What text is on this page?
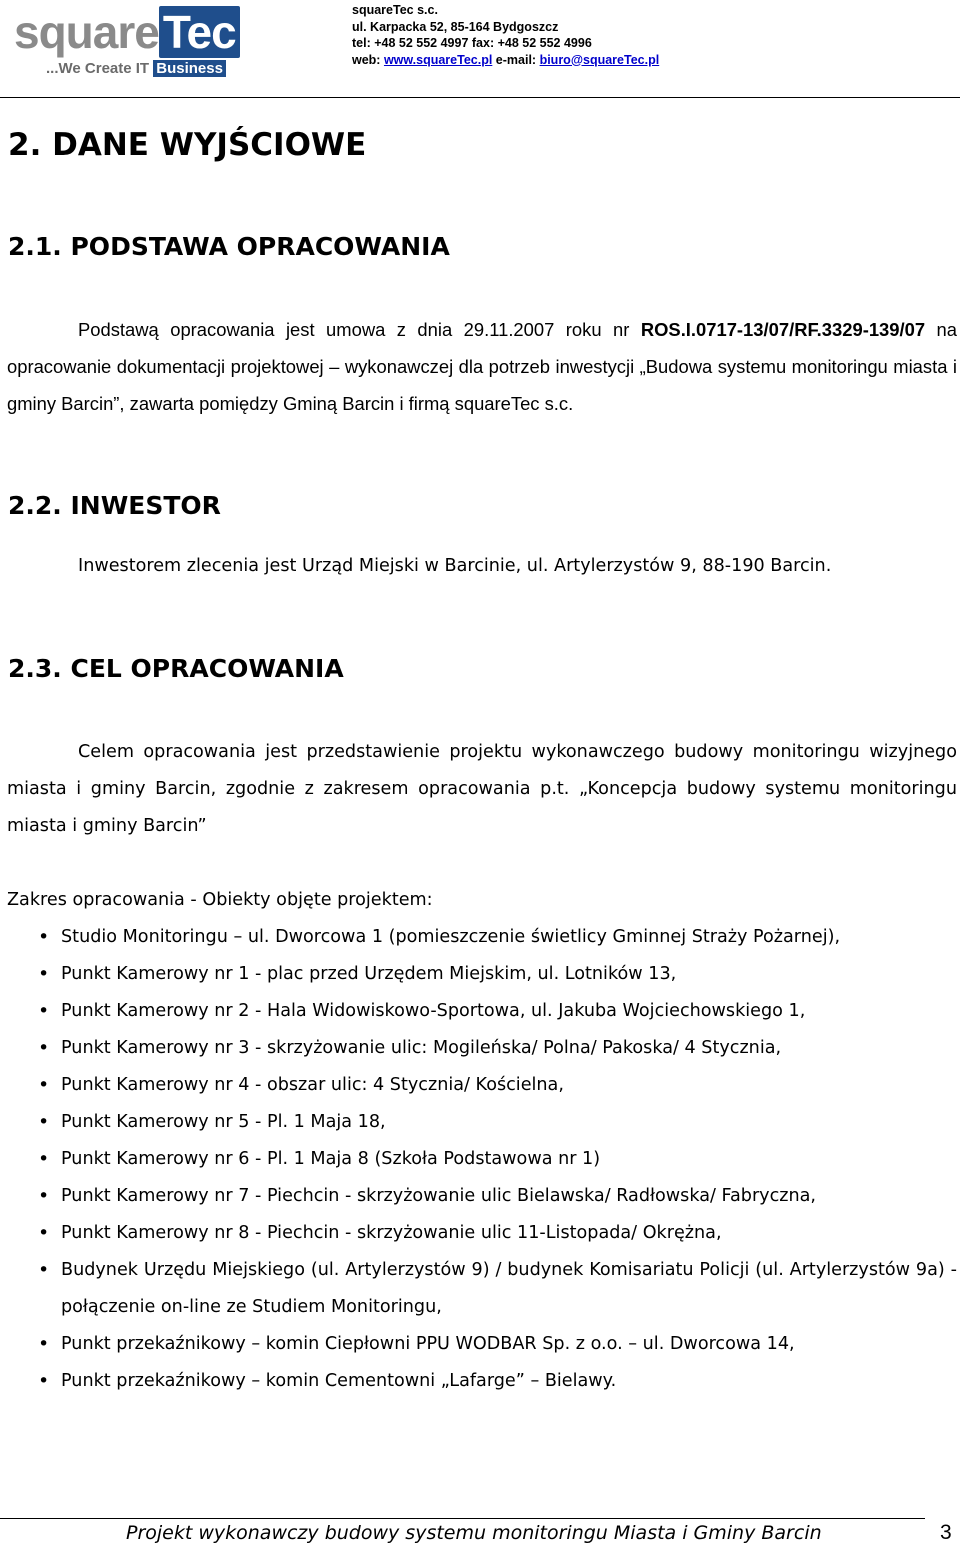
squareTec
...We Create IT Business
squareTec s.c.
ul. Karpacka 52, 85-164 Bydgoszcz
tel: +48 52 552 4997 fax: +48 52 552 4996
web: www.squareTec.pl e-mail: biuro@squareTec.pl
2. DANE WYJŚCIOWE
2.1. PODSTAWA OPRACOWANIA
Podstawą opracowania jest umowa z dnia 29.11.2007 roku nr ROS.I.0717-13/07/RF.3329-139/07 na opracowanie dokumentacji projektowej – wykonawczej dla potrzeb inwestycji „Budowa systemu monitoringu miasta i gminy Barcin”, zawarta pomiędzy Gminą Barcin i firmą squareTec s.c.
2.2. INWESTOR
Inwestorem zlecenia jest Urząd Miejski w Barcinie, ul. Artylerzystów 9, 88-190 Barcin.
2.3. CEL OPRACOWANIA
Celem opracowania jest przedstawienie projektu wykonawczego budowy monitoringu wizyjnego miasta i gminy Barcin, zgodnie z zakresem opracowania p.t. „Koncepcja budowy systemu monitoringu miasta i gminy Barcin”
Zakres opracowania - Obiekty objęte projektem:
• Studio Monitoringu – ul. Dworcowa 1 (pomieszczenie świetlicy Gminnej Straży Pożarnej),
• Punkt Kamerowy nr 1 - plac przed Urzędem Miejskim, ul. Lotników 13,
• Punkt Kamerowy nr 2 - Hala Widowiskowo-Sportowa, ul. Jakuba Wojciechowskiego 1,
• Punkt Kamerowy nr 3 - skrzyżowanie ulic: Mogileńska/ Polna/ Pakoska/ 4 Stycznia,
• Punkt Kamerowy nr 4 - obszar ulic: 4 Stycznia/ Kościelna,
• Punkt Kamerowy nr 5 - Pl. 1 Maja 18,
• Punkt Kamerowy nr 6 - Pl. 1 Maja 8 (Szkoła Podstawowa nr 1)
• Punkt Kamerowy nr 7 - Piechcin - skrzyżowanie ulic Bielawska/ Radłowska/ Fabryczna,
• Punkt Kamerowy nr 8 - Piechcin - skrzyżowanie ulic 11-Listopada/ Okrężna,
• Budynek Urzędu Miejskiego (ul. Artylerzystów 9) / budynek Komisariatu Policji (ul. Artylerzystów 9a) - połączenie on-line ze Studiem Monitoringu,
• Punkt przekaźnikowy – komin Ciepłowni PPU WODBAR Sp. z o.o. – ul. Dworcowa 14,
• Punkt przekaźnikowy – komin Cementowni „Lafarge” – Bielawy.
Projekt wykonawczy budowy systemu monitoringu Miasta i Gminy Barcin	3
